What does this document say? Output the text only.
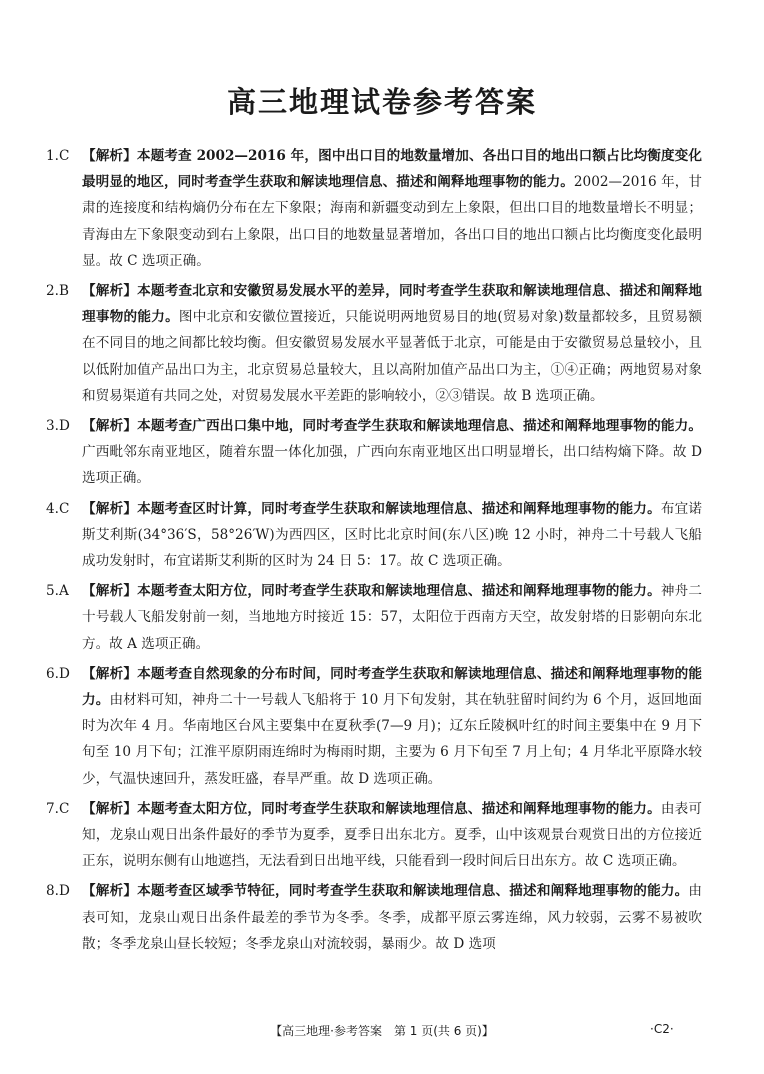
高三地理试卷参考答案

1.C 【解析】本题考查 2002—2016 年，图中出口目的地数量增加、各出口目的地出口额占比均衡度变化最明显的地区，同时考查学生获取和解读地理信息、描述和阐释地理事物的能力。2002—2016 年，甘肃的连接度和结构熵仍分布在左下象限；海南和新疆变动到左上象限，但出口目的地数量增长不明显；青海由左下象限变动到右上象限，出口目的地数量显著增加，各出口目的地出口额占比均衡度变化最明显。故 C 选项正确。

2.B 【解析】本题考查北京和安徽贸易发展水平的差异，同时考查学生获取和解读地理信息、描述和阐释地理事物的能力。图中北京和安徽位置接近，只能说明两地贸易目的地(贸易对象)数量都较多，且贸易额在不同目的地之间都比较均衡。但安徽贸易发展水平显著低于北京，可能是由于安徽贸易总量较小，且以低附加值产品出口为主，北京贸易总量较大，且以高附加值产品出口为主，①④正确；两地贸易对象和贸易渠道有共同之处，对贸易发展水平差距的影响较小，②③错误。故 B 选项正确。

3.D 【解析】本题考查广西出口集中地，同时考查学生获取和解读地理信息、描述和阐释地理事物的能力。广西毗邻东南亚地区，随着东盟一体化加强，广西向东南亚地区出口明显增长，出口结构熵下降。故 D 选项正确。

4.C 【解析】本题考查区时计算，同时考查学生获取和解读地理信息、描述和阐释地理事物的能力。布宜诺斯艾利斯(34°36′S，58°26′W)为西四区，区时比北京时间(东八区)晚 12 小时，神舟二十号载人飞船成功发射时，布宜诺斯艾利斯的区时为 24 日 5：17。故 C 选项正确。

5.A 【解析】本题考查太阳方位，同时考查学生获取和解读地理信息、描述和阐释地理事物的能力。神舟二十号载人飞船发射前一刻，当地地方时接近 15：57，太阳位于西南方天空，故发射塔的日影朝向东北方。故 A 选项正确。

6.D 【解析】本题考查自然现象的分布时间，同时考查学生获取和解读地理信息、描述和阐释地理事物的能力。由材料可知，神舟二十一号载人飞船将于 10 月下旬发射，其在轨驻留时间约为 6 个月，返回地面时为次年 4 月。华南地区台风主要集中在夏秋季(7—9 月)；辽东丘陵枫叶红的时间主要集中在 9 月下旬至 10 月下旬；江淮平原阴雨连绵时为梅雨时期，主要为 6 月下旬至 7 月上旬；4 月华北平原降水较少，气温快速回升，蒸发旺盛，春旱严重。故 D 选项正确。

7.C 【解析】本题考查太阳方位，同时考查学生获取和解读地理信息、描述和阐释地理事物的能力。由表可知，龙泉山观日出条件最好的季节为夏季，夏季日出东北方。夏季，山中该观景台观赏日出的方位接近正东，说明东侧有山地遮挡，无法看到日出地平线，只能看到一段时间后日出东方。故 C 选项正确。

8.D 【解析】本题考查区域季节特征，同时考查学生获取和解读地理信息、描述和阐释地理事物的能力。由表可知，龙泉山观日出条件最差的季节为冬季。冬季，成都平原云雾连绵，风力较弱，云雾不易被吹散；冬季龙泉山昼长较短；冬季龙泉山对流较弱，暴雨少。故 D 选项

【高三地理·参考答案　第 1 页(共 6 页)】	·C2·
